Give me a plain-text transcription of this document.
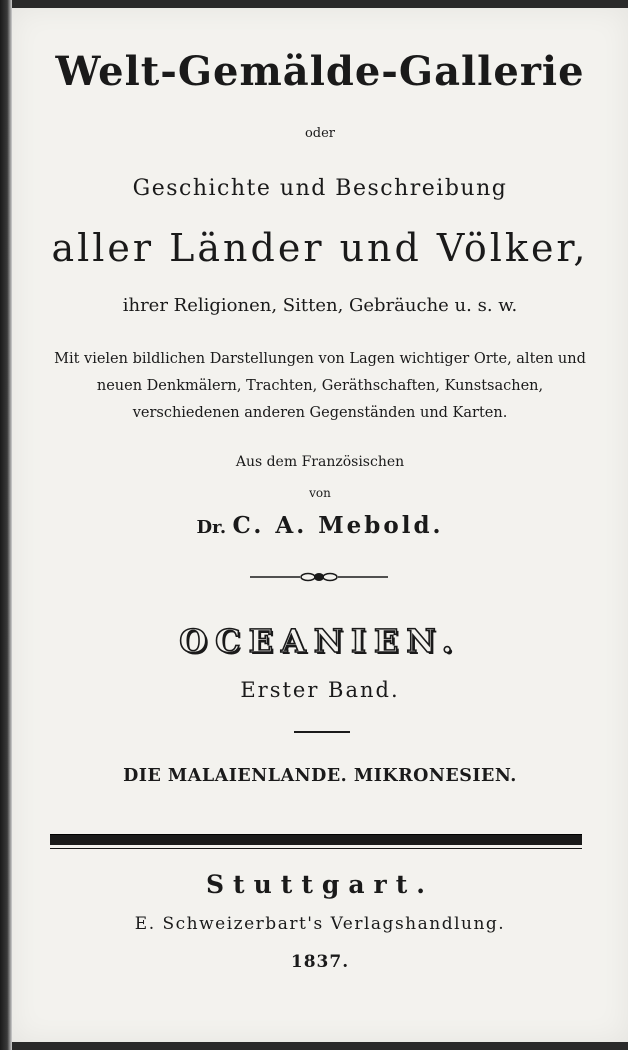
Welt-Gemälde-Gallerie
oder
Geschichte und Beschreibung
aller Länder und Völker,
ihrer Religionen, Sitten, Gebräuche u. s. w.
Mit vielen bildlichen Darstellungen von Lagen wichtiger Orte, alten und neuen Denkmälern, Trachten, Geräthschaften, Kunstsachen, verschiedenen anderen Gegenständen und Karten.
Aus dem Französischen
von
Dr. C. A. Mebold.
OCEANIEN.
Erster Band.
DIE MALAIENLANDE. MIKRONESIEN.
Stuttgart.
E. Schweizerbart's Verlagshandlung.
1837.
